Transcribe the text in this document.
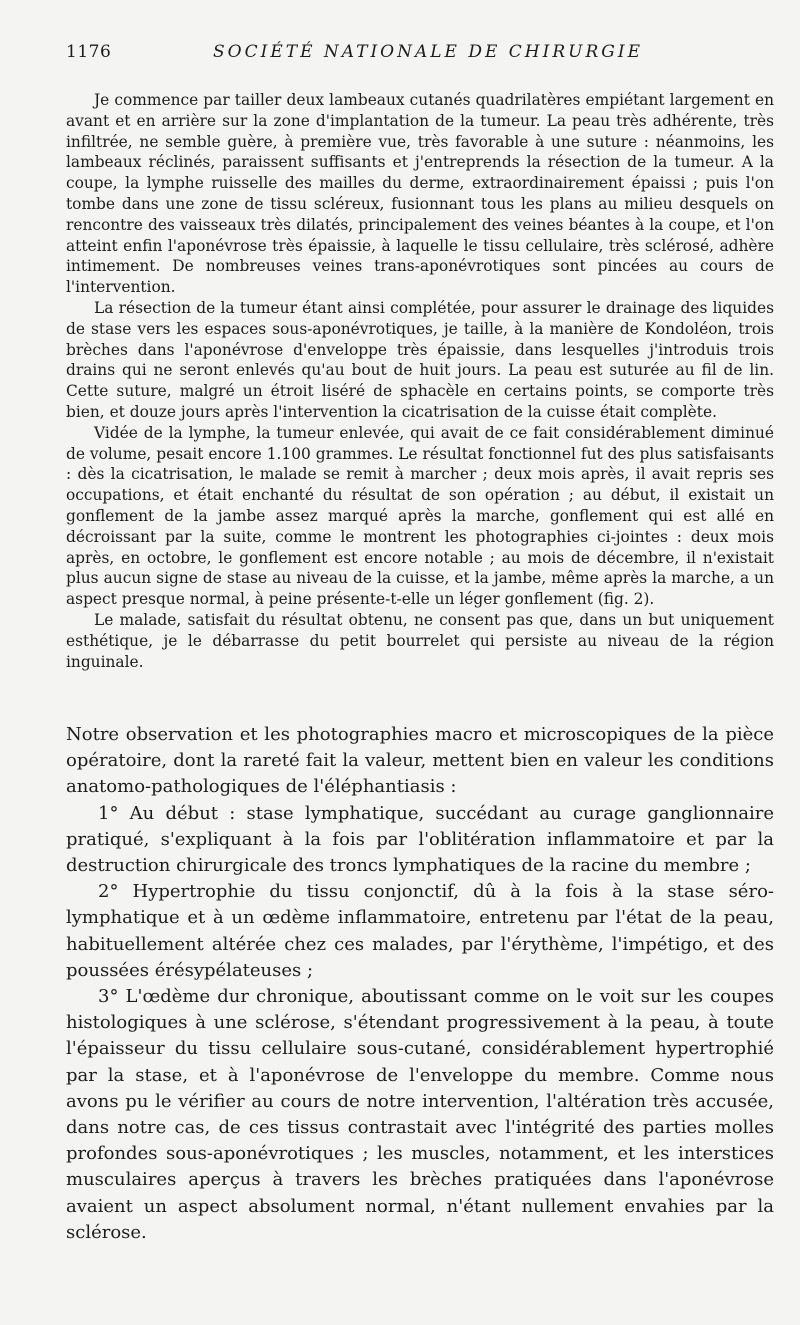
1176	SOCIÉTÉ NATIONALE DE CHIRURGIE

Je commence par tailler deux lambeaux cutanés quadrilatères empiétant largement en avant et en arrière sur la zone d'implantation de la tumeur. La peau très adhérente, très infiltrée, ne semble guère, à première vue, très favorable à une suture : néanmoins, les lambeaux réclinés, paraissent suffisants et j'entreprends la résection de la tumeur. A la coupe, la lymphe ruisselle des mailles du derme, extraordinairement épaissi ; puis l'on tombe dans une zone de tissu scléreux, fusionnant tous les plans au milieu desquels on rencontre des vaisseaux très dilatés, principalement des veines béantes à la coupe, et l'on atteint enfin l'aponévrose très épaissie, à laquelle le tissu cellulaire, très sclérosé, adhère intimement. De nombreuses veines trans-aponévrotiques sont pincées au cours de l'intervention.

La résection de la tumeur étant ainsi complétée, pour assurer le drainage des liquides de stase vers les espaces sous-aponévrotiques, je taille, à la manière de Kondoléon, trois brèches dans l'aponévrose d'enveloppe très épaissie, dans lesquelles j'introduis trois drains qui ne seront enlevés qu'au bout de huit jours. La peau est suturée au fil de lin. Cette suture, malgré un étroit liséré de sphacèle en certains points, se comporte très bien, et douze jours après l'intervention la cicatrisation de la cuisse était complète.

Vidée de la lymphe, la tumeur enlevée, qui avait de ce fait considérablement diminué de volume, pesait encore 1.100 grammes. Le résultat fonctionnel fut des plus satisfaisants : dès la cicatrisation, le malade se remit à marcher ; deux mois après, il avait repris ses occupations, et était enchanté du résultat de son opération ; au début, il existait un gonflement de la jambe assez marqué après la marche, gonflement qui est allé en décroissant par la suite, comme le montrent les photographies ci-jointes : deux mois après, en octobre, le gonflement est encore notable ; au mois de décembre, il n'existait plus aucun signe de stase au niveau de la cuisse, et la jambe, même après la marche, a un aspect presque normal, à peine présente-t-elle un léger gonflement (fig. 2).

Le malade, satisfait du résultat obtenu, ne consent pas que, dans un but uniquement esthétique, je le débarrasse du petit bourrelet qui persiste au niveau de la région inguinale.

Notre observation et les photographies macro et microscopiques de la pièce opératoire, dont la rareté fait la valeur, mettent bien en valeur les conditions anatomo-pathologiques de l'éléphantiasis :

1° Au début : stase lymphatique, succédant au curage ganglionnaire pratiqué, s'expliquant à la fois par l'oblitération inflammatoire et par la destruction chirurgicale des troncs lymphatiques de la racine du membre ;

2° Hypertrophie du tissu conjonctif, dû à la fois à la stase séro-lymphatique et à un œdème inflammatoire, entretenu par l'état de la peau, habituellement altérée chez ces malades, par l'érythème, l'impétigo, et des poussées érésypélateuses ;

3° L'œdème dur chronique, aboutissant comme on le voit sur les coupes histologiques à une sclérose, s'étendant progressivement à la peau, à toute l'épaisseur du tissu cellulaire sous-cutané, considérablement hypertrophié par la stase, et à l'aponévrose de l'enveloppe du membre. Comme nous avons pu le vérifier au cours de notre intervention, l'altération très accusée, dans notre cas, de ces tissus contrastait avec l'intégrité des parties molles profondes sous-aponévrotiques ; les muscles, notamment, et les interstices musculaires aperçus à travers les brèches pratiquées dans l'aponévrose avaient un aspect absolument normal, n'étant nullement envahies par la sclérose.
